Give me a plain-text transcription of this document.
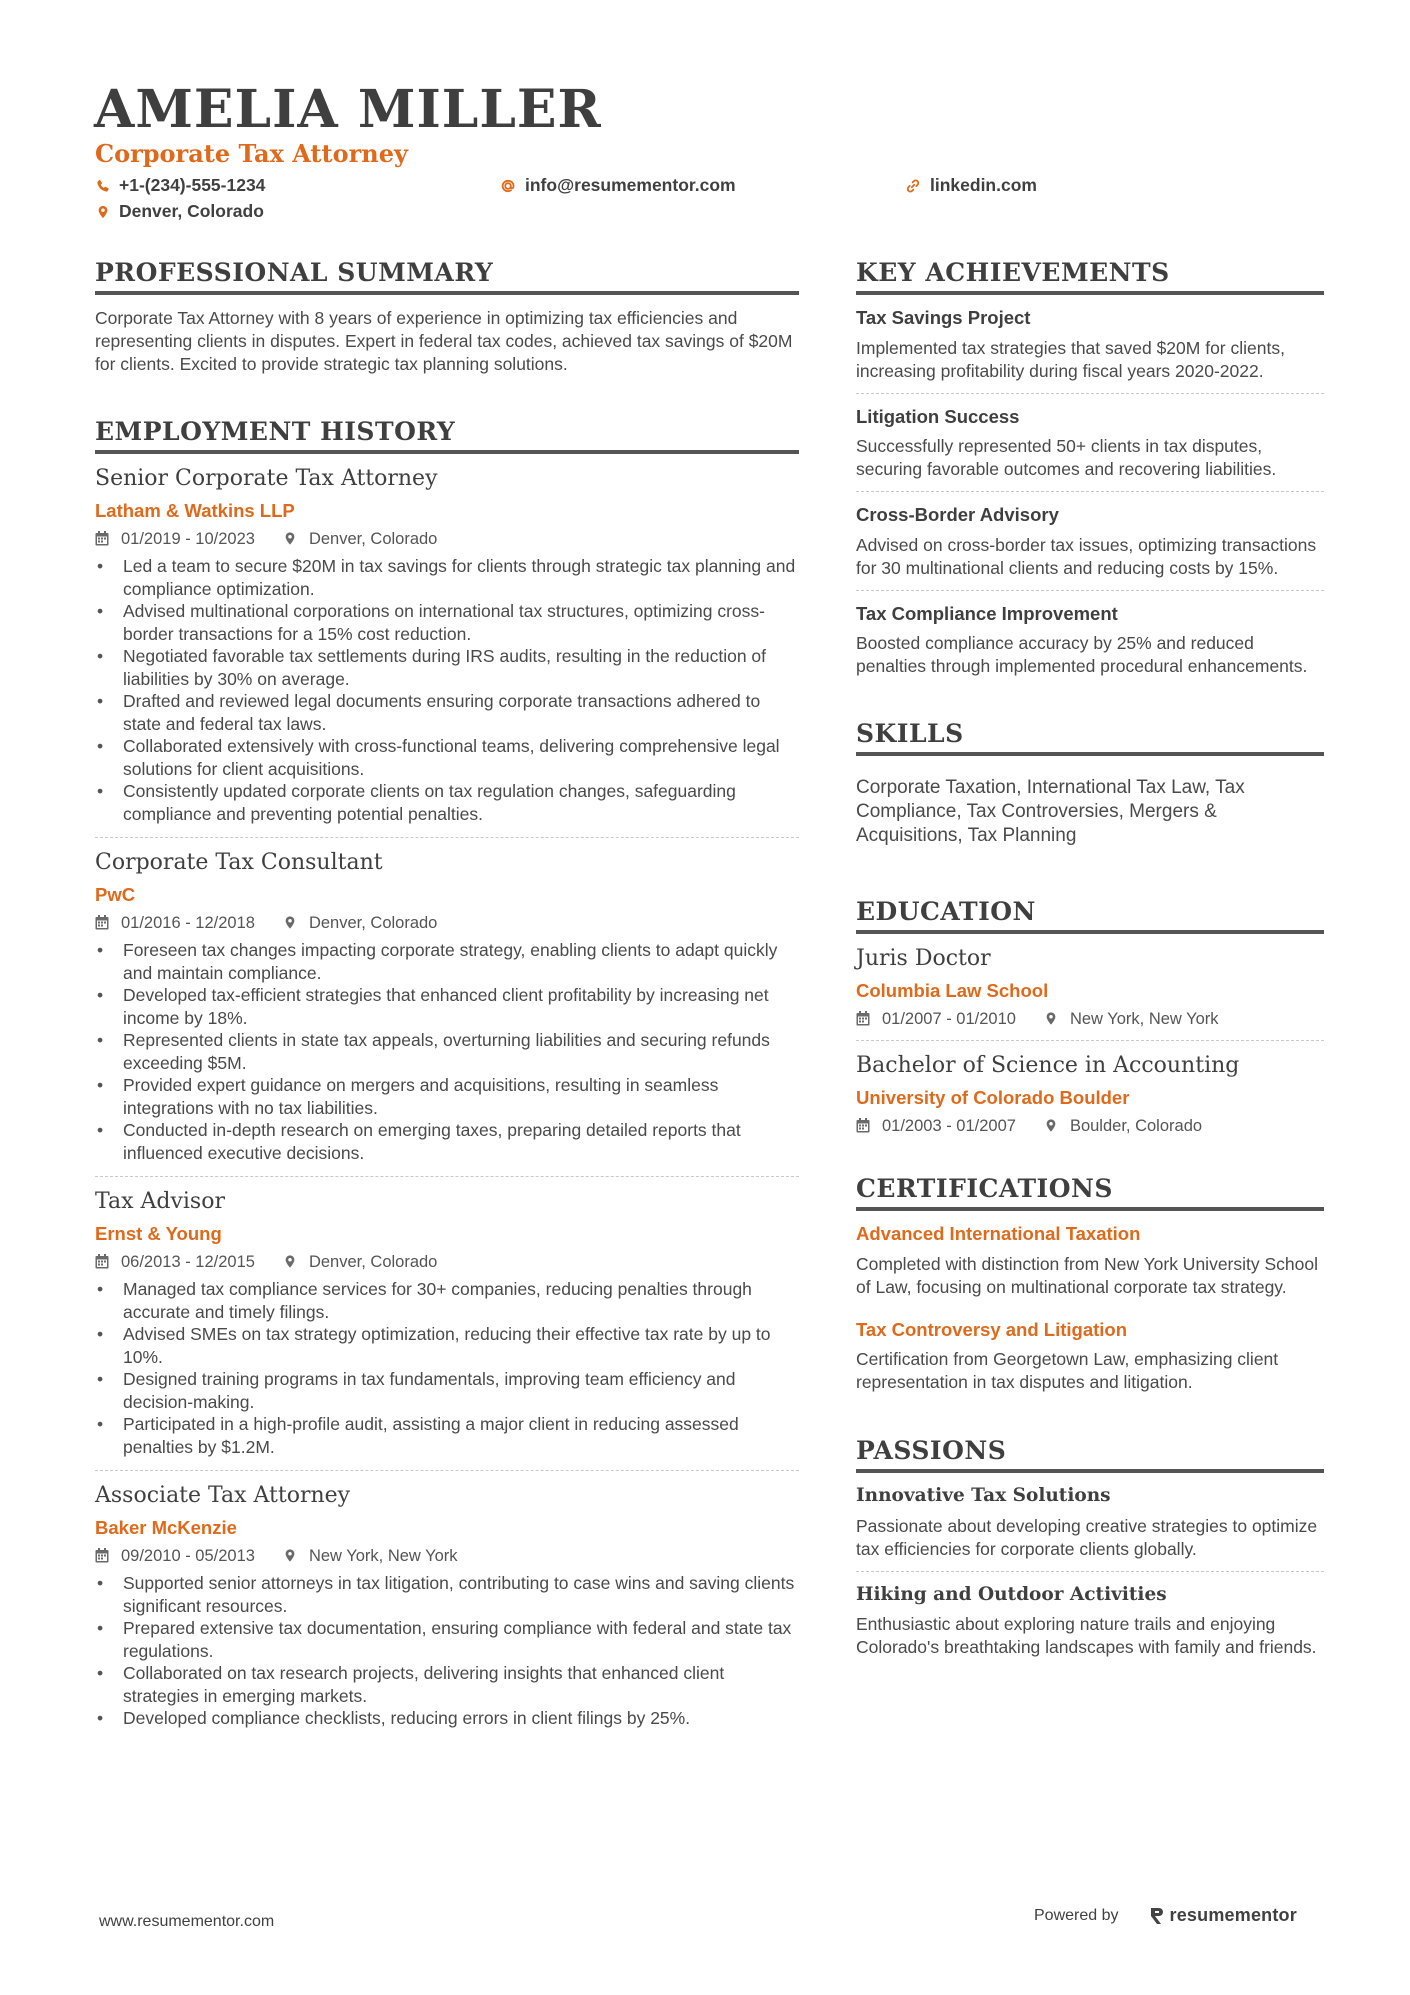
AMELIA MILLER
Corporate Tax Attorney
+1-(234)-555-1234	info@resumementor.com	linkedin.com
Denver, Colorado
PROFESSIONAL SUMMARY

Corporate Tax Attorney with 8 years of experience in optimizing tax efficiencies and representing clients in disputes. Expert in federal tax codes, achieved tax savings of $20M for clients. Excited to provide strategic tax planning solutions.

EMPLOYMENT HISTORY

Senior Corporate Tax Attorney

Latham & Watkins LLP

01/2019 - 10/2023	Denver, Colorado
• Led a team to secure $20M in tax savings for clients through strategic tax planning and compliance optimization.
• Advised multinational corporations on international tax structures, optimizing cross-border transactions for a 15% cost reduction.
• Negotiated favorable tax settlements during IRS audits, resulting in the reduction of liabilities by 30% on average.
• Drafted and reviewed legal documents ensuring corporate transactions adhered to state and federal tax laws.
• Collaborated extensively with cross-functional teams, delivering comprehensive legal solutions for client acquisitions.
• Consistently updated corporate clients on tax regulation changes, safeguarding compliance and preventing potential penalties.

Corporate Tax Consultant

PwC

01/2016 - 12/2018	Denver, Colorado
• Foreseen tax changes impacting corporate strategy, enabling clients to adapt quickly and maintain compliance.
• Developed tax-efficient strategies that enhanced client profitability by increasing net income by 18%.
• Represented clients in state tax appeals, overturning liabilities and securing refunds exceeding $5M.
• Provided expert guidance on mergers and acquisitions, resulting in seamless integrations with no tax liabilities.
• Conducted in-depth research on emerging taxes, preparing detailed reports that influenced executive decisions.

Tax Advisor

Ernst & Young

06/2013 - 12/2015	Denver, Colorado
• Managed tax compliance services for 30+ companies, reducing penalties through accurate and timely filings.
• Advised SMEs on tax strategy optimization, reducing their effective tax rate by up to 10%.
• Designed training programs in tax fundamentals, improving team efficiency and decision-making.
• Participated in a high-profile audit, assisting a major client in reducing assessed penalties by $1.2M.

Associate Tax Attorney

Baker McKenzie

09/2010 - 05/2013	New York, New York
• Supported senior attorneys in tax litigation, contributing to case wins and saving clients significant resources.
• Prepared extensive tax documentation, ensuring compliance with federal and state tax regulations.
• Collaborated on tax research projects, delivering insights that enhanced client strategies in emerging markets.
• Developed compliance checklists, reducing errors in client filings by 25%.
KEY ACHIEVEMENTS

Tax Savings Project

Implemented tax strategies that saved $20M for clients, increasing profitability during fiscal years 2020-2022.

Litigation Success

Successfully represented 50+ clients in tax disputes, securing favorable outcomes and recovering liabilities.

Cross-Border Advisory

Advised on cross-border tax issues, optimizing transactions for 30 multinational clients and reducing costs by 15%.

Tax Compliance Improvement

Boosted compliance accuracy by 25% and reduced penalties through implemented procedural enhancements.

SKILLS

Corporate Taxation, International Tax Law, Tax Compliance, Tax Controversies, Mergers & Acquisitions, Tax Planning

EDUCATION

Juris Doctor

Columbia Law School

01/2007 - 01/2010	New York, New York

Bachelor of Science in Accounting

University of Colorado Boulder

01/2003 - 01/2007	Boulder, Colorado
CERTIFICATIONS

Advanced International Taxation

Completed with distinction from New York University School of Law, focusing on multinational corporate tax strategy.

Tax Controversy and Litigation

Certification from Georgetown Law, emphasizing client representation in tax disputes and litigation.

PASSIONS

Innovative Tax Solutions

Passionate about developing creative strategies to optimize tax efficiencies for corporate clients globally.

Hiking and Outdoor Activities

Enthusiastic about exploring nature trails and enjoying Colorado's breathtaking landscapes with family and friends.

www.resumementor.com	Powered by	resumementor
